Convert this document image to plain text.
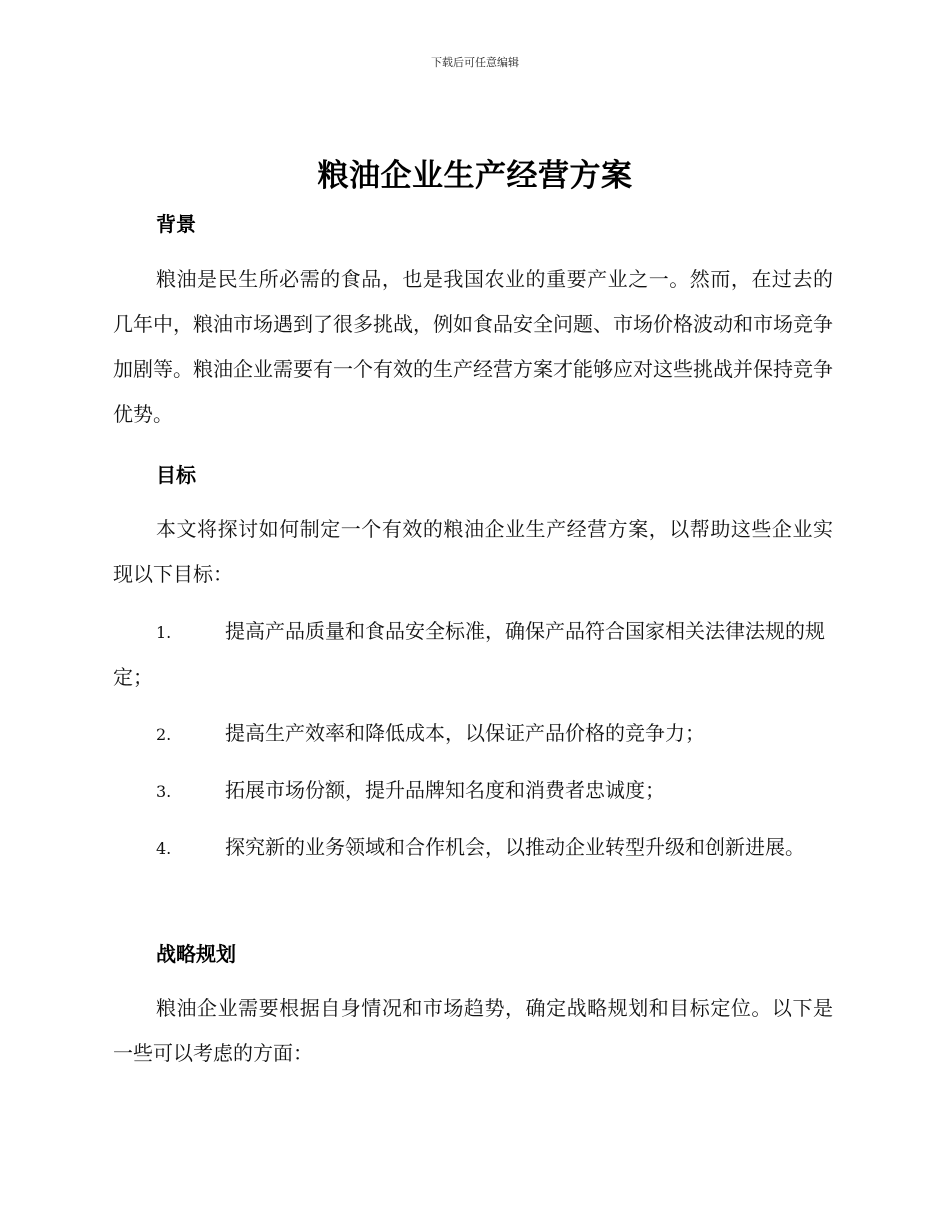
下载后可任意编辑
粮油企业生产经营方案
背景

粮油是民生所必需的食品，也是我国农业的重要产业之一。然而，在过去的几年中，粮油市场遇到了很多挑战，例如食品安全问题、市场价格波动和市场竞争加剧等。粮油企业需要有一个有效的生产经营方案才能够应对这些挑战并保持竞争优势。

目标

本文将探讨如何制定一个有效的粮油企业生产经营方案，以帮助这些企业实现以下目标：

1.	提高产品质量和食品安全标准，确保产品符合国家相关法律法规的规定；
2.	提高生产效率和降低成本，以保证产品价格的竞争力；
3.	拓展市场份额，提升品牌知名度和消费者忠诚度；
4.	探究新的业务领域和合作机会，以推动企业转型升级和创新进展。
战略规划

粮油企业需要根据自身情况和市场趋势，确定战略规划和目标定位。以下是一些可以考虑的方面：
